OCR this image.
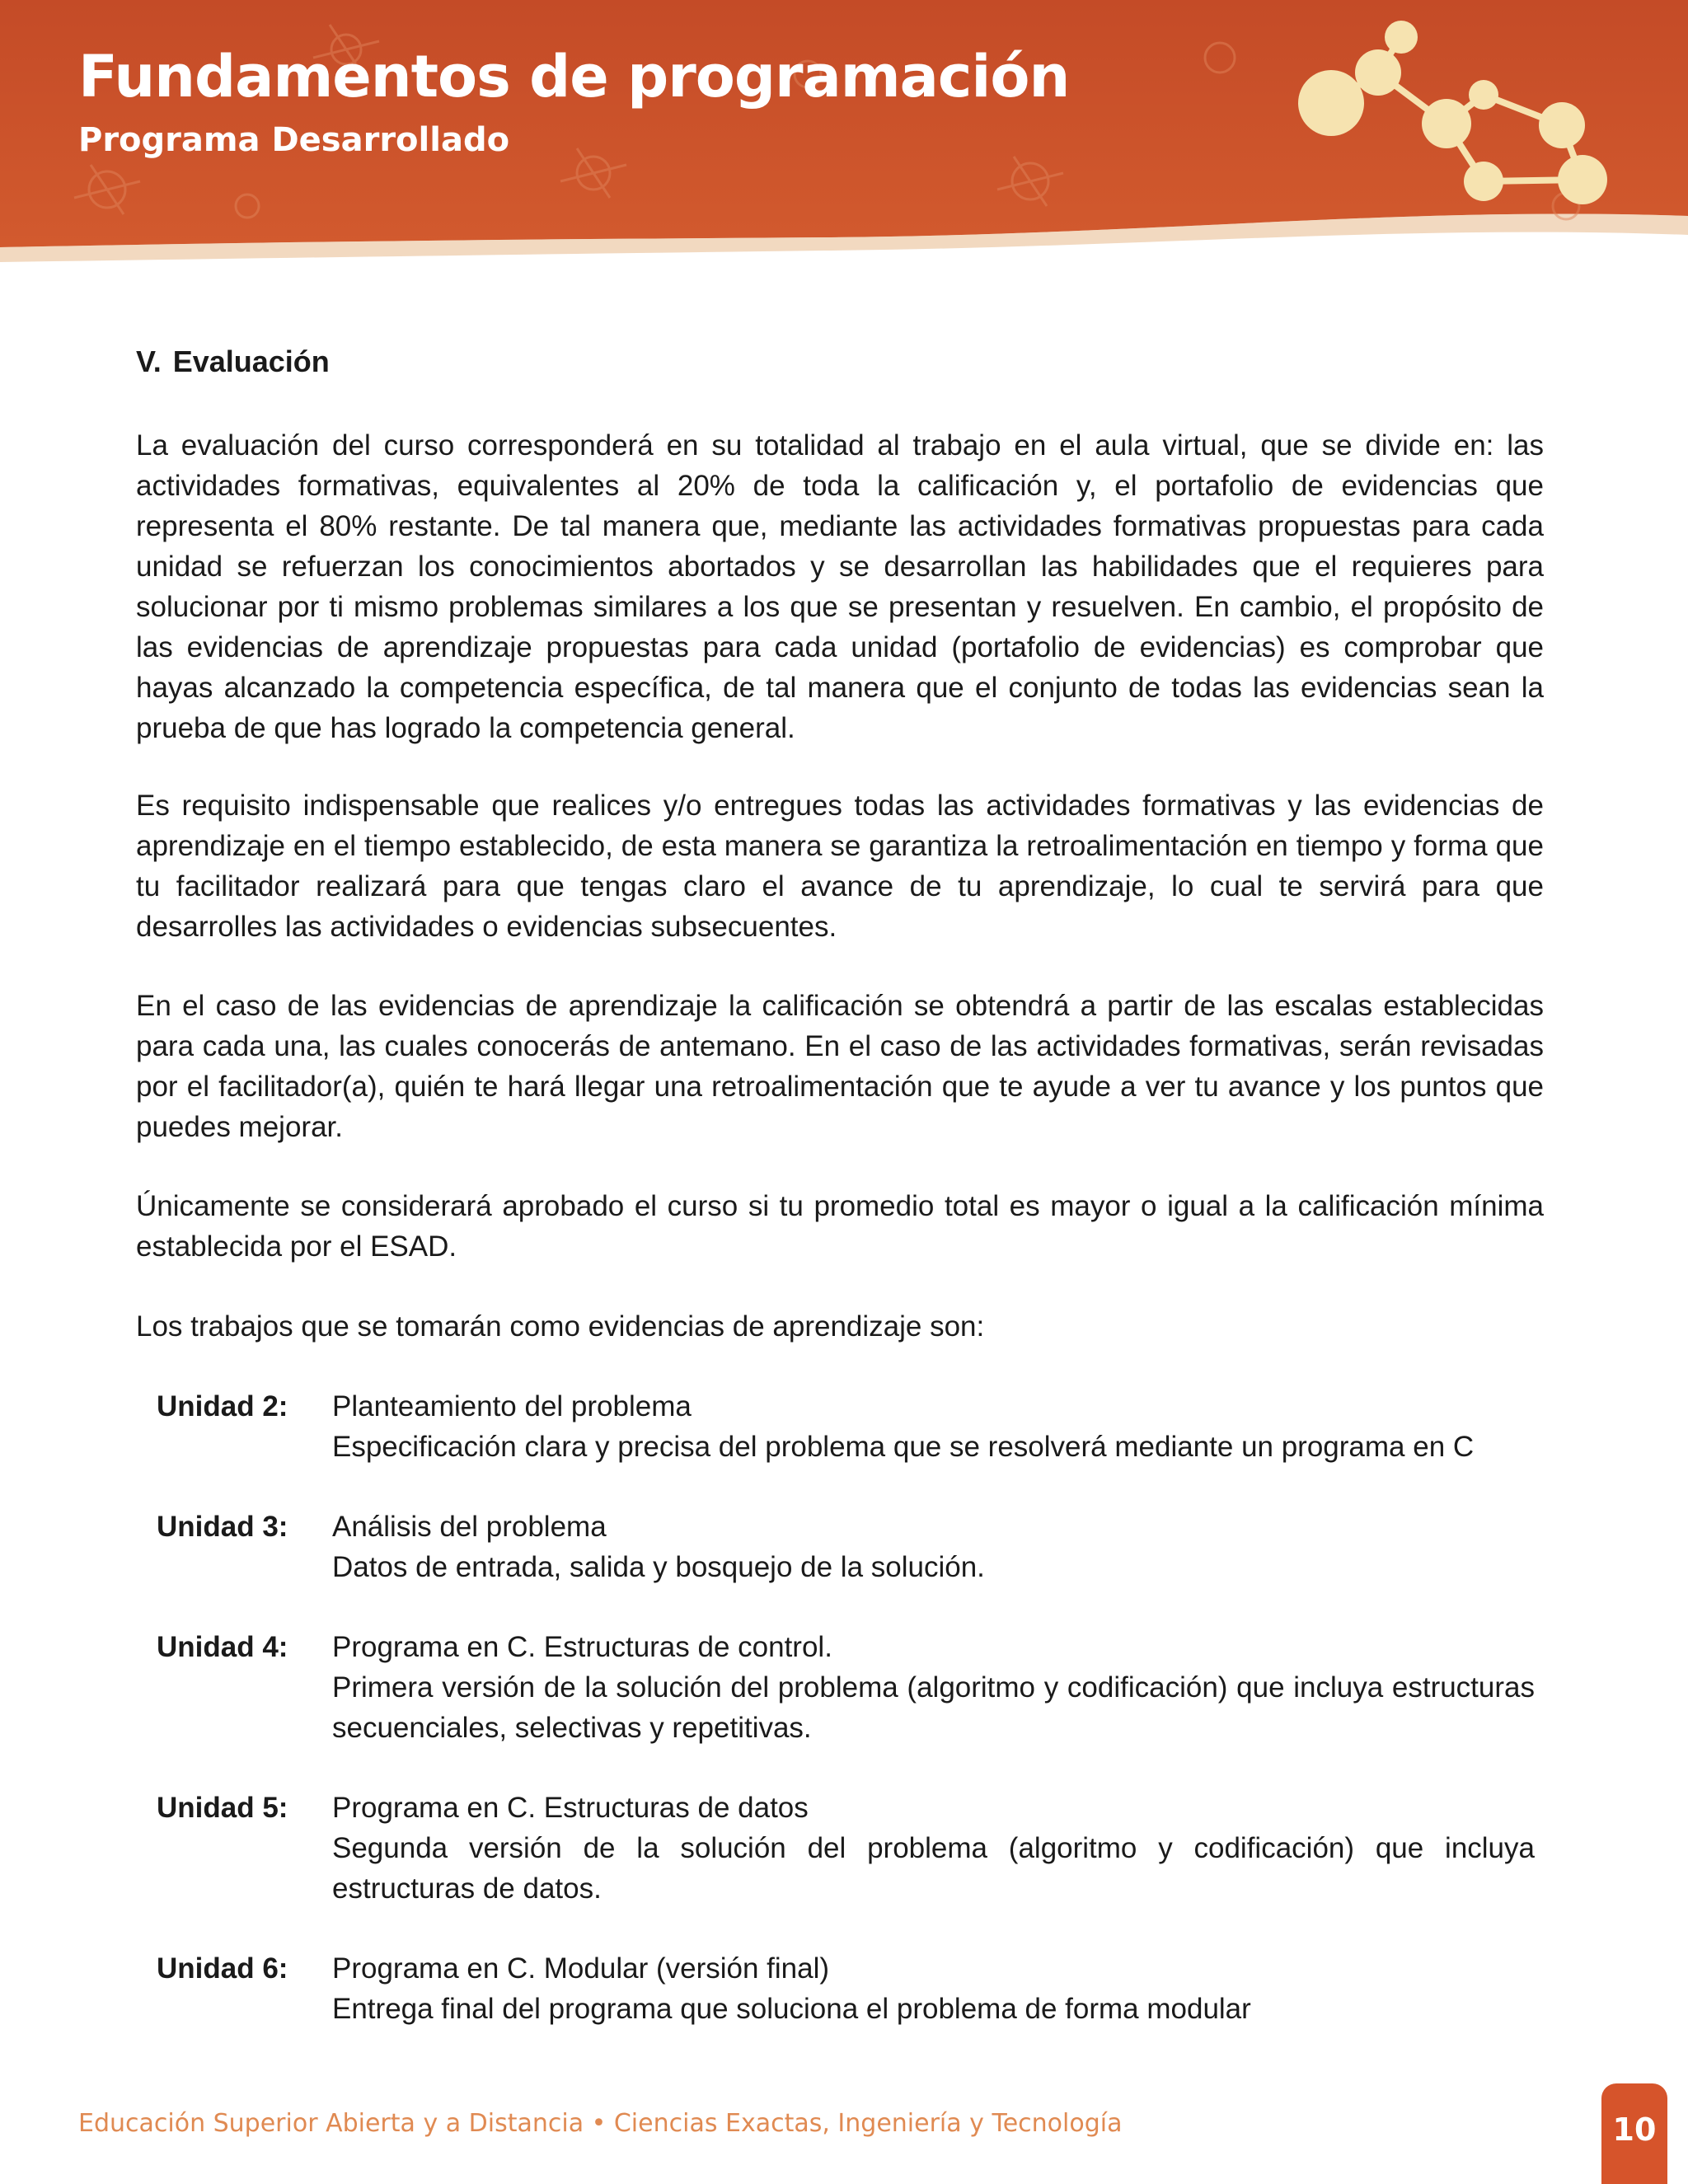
Fundamentos de programación
Programa Desarrollado
V. Evaluación
La evaluación del curso corresponderá en su totalidad al trabajo en el aula virtual, que se divide en: las actividades formativas, equivalentes al 20% de toda la calificación y, el portafolio de evidencias que representa el 80% restante. De tal manera que, mediante las actividades formativas propuestas para cada unidad se refuerzan los conocimientos abortados y se desarrollan las habilidades que el requieres para solucionar por ti mismo problemas similares a los que se presentan y resuelven. En cambio, el propósito de las evidencias de aprendizaje propuestas para cada unidad (portafolio de evidencias) es comprobar que hayas alcanzado la competencia específica, de tal manera que el conjunto de todas las evidencias sean la prueba de que has logrado la competencia general.
Es requisito indispensable que realices y/o entregues todas las actividades formativas y las evidencias de aprendizaje en el tiempo establecido, de esta manera se garantiza la retroalimentación en tiempo y forma que tu facilitador realizará para que tengas claro el avance de tu aprendizaje, lo cual te servirá para que desarrolles las actividades o evidencias subsecuentes.
En el caso de las evidencias de aprendizaje la calificación se obtendrá a partir de las escalas establecidas para cada una, las cuales conocerás de antemano. En el caso de las actividades formativas, serán revisadas por el facilitador(a), quién te hará llegar una retroalimentación que te ayude a ver tu avance y los puntos que puedes mejorar.
Únicamente se considerará aprobado el curso si tu promedio total es mayor o igual a la calificación mínima establecida por el ESAD.
Los trabajos que se tomarán como evidencias de aprendizaje son:
Unidad 2:	Planteamiento del problema
Especificación clara y precisa del problema que se resolverá mediante un programa en C
Unidad 3:	Análisis del problema
Datos de entrada, salida y bosquejo de la solución.
Unidad 4:	Programa en C. Estructuras de control.
Primera versión de la solución del problema (algoritmo y codificación) que incluya estructuras secuenciales, selectivas y repetitivas.
Unidad 5:	Programa en C. Estructuras de datos
Segunda versión de la solución del problema (algoritmo y codificación) que incluya estructuras de datos.
Unidad 6:	Programa en C. Modular (versión final)
Entrega final del programa que soluciona el problema de forma modular
Educación Superior Abierta y a Distancia • Ciencias Exactas, Ingeniería y Tecnología	10
